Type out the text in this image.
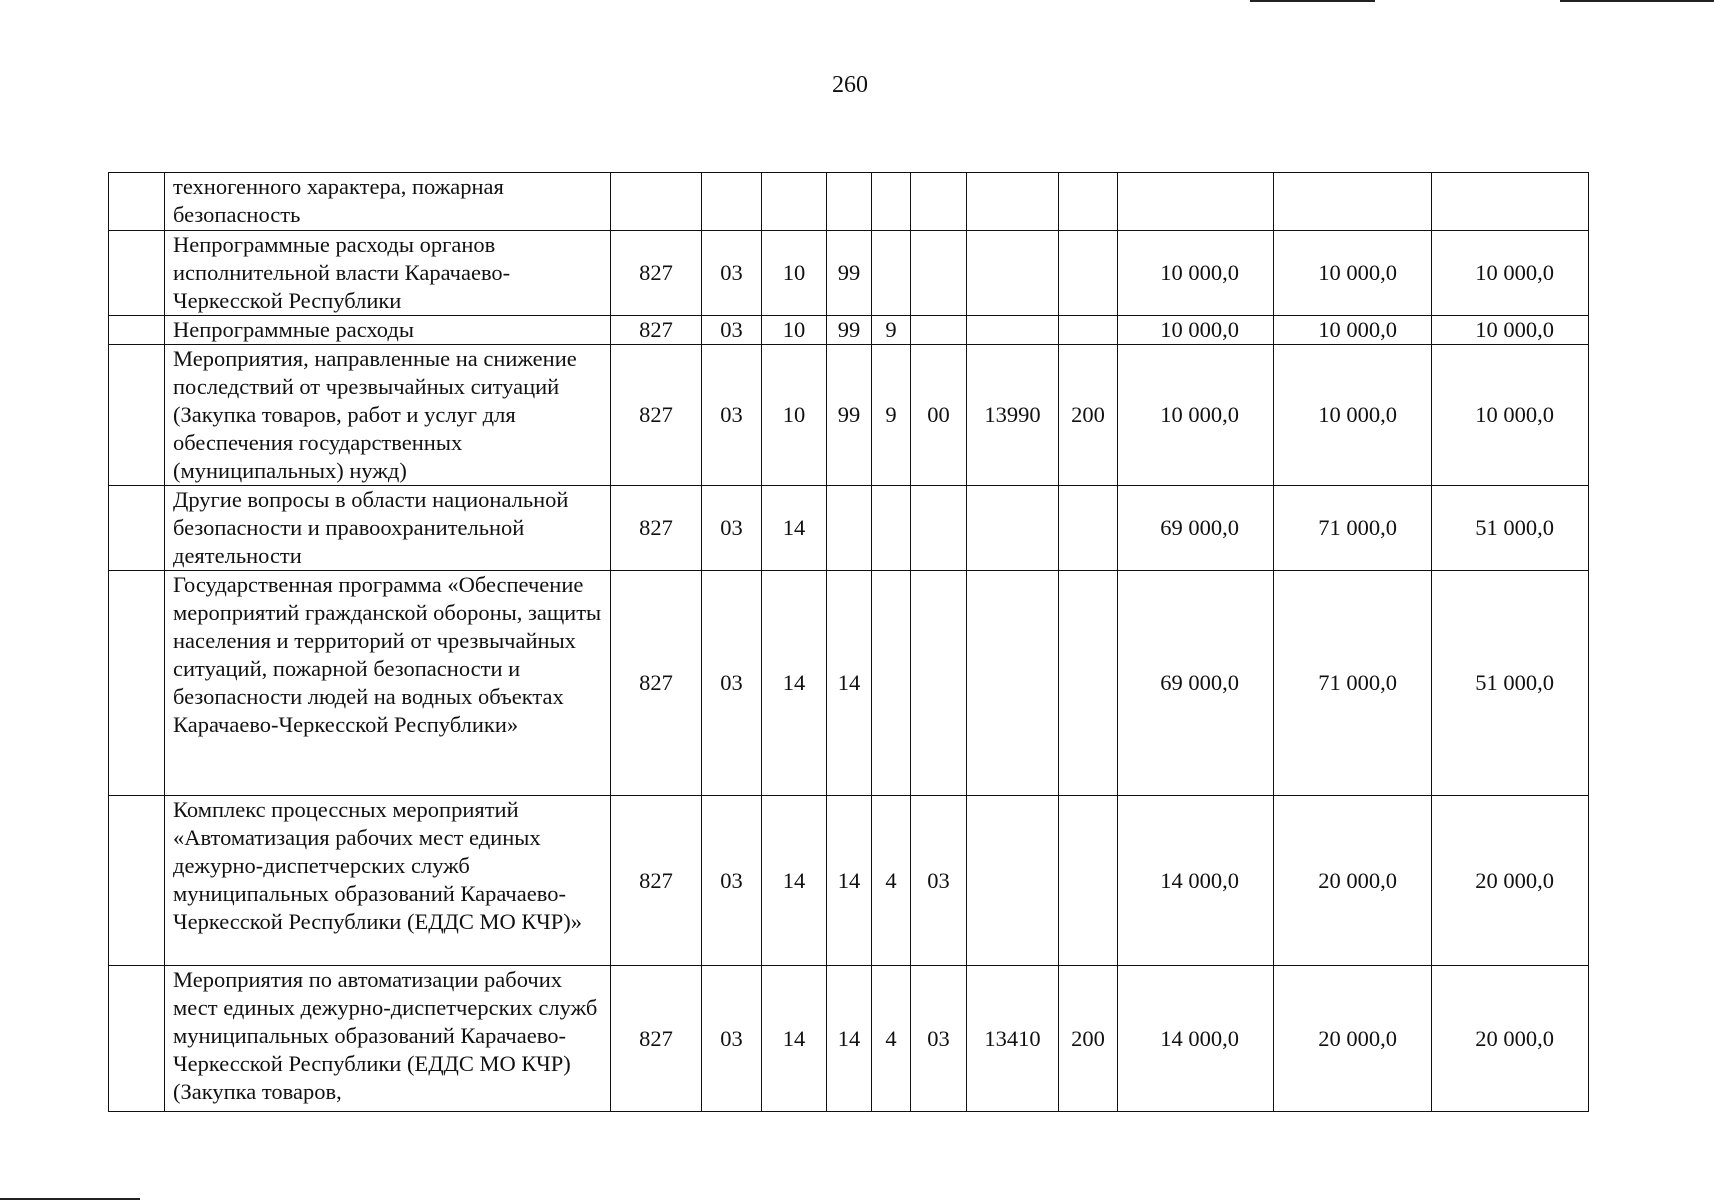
260
	техногенного характера, пожарная безопасность											
	Непрограммные расходы органов исполнительной власти Карачаево-Черкесской Республики	827	03	10	99					10 000,0	10 000,0	10 000,0
	Непрограммные расходы	827	03	10	99	9				10 000,0	10 000,0	10 000,0
	Мероприятия, направленные на снижение последствий от чрезвычайных ситуаций (Закупка товаров, работ и услуг для обеспечения государственных (муниципальных) нужд)	827	03	10	99	9	00	13990	200	10 000,0	10 000,0	10 000,0
	Другие вопросы в области национальной безопасности и правоохранительной деятельности	827	03	14						69 000,0	71 000,0	51 000,0
	Государственная программа «Обеспечение мероприятий гражданской обороны, защиты населения и территорий от чрезвычайных ситуаций, пожарной безопасности и безопасности людей на водных объектах Карачаево-Черкесской Республики»	827	03	14	14					69 000,0	71 000,0	51 000,0
	Комплекс процессных мероприятий «Автоматизация рабочих мест единых дежурно-диспетчерских служб муниципальных образований Карачаево-Черкесской Республики (ЕДДС МО КЧР)»	827	03	14	14	4	03			14 000,0	20 000,0	20 000,0
	Мероприятия по автоматизации рабочих мест единых дежурно-диспетчерских служб муниципальных образований Карачаево-Черкесской Республики (ЕДДС МО КЧР) (Закупка товаров,	827	03	14	14	4	03	13410	200	14 000,0	20 000,0	20 000,0
